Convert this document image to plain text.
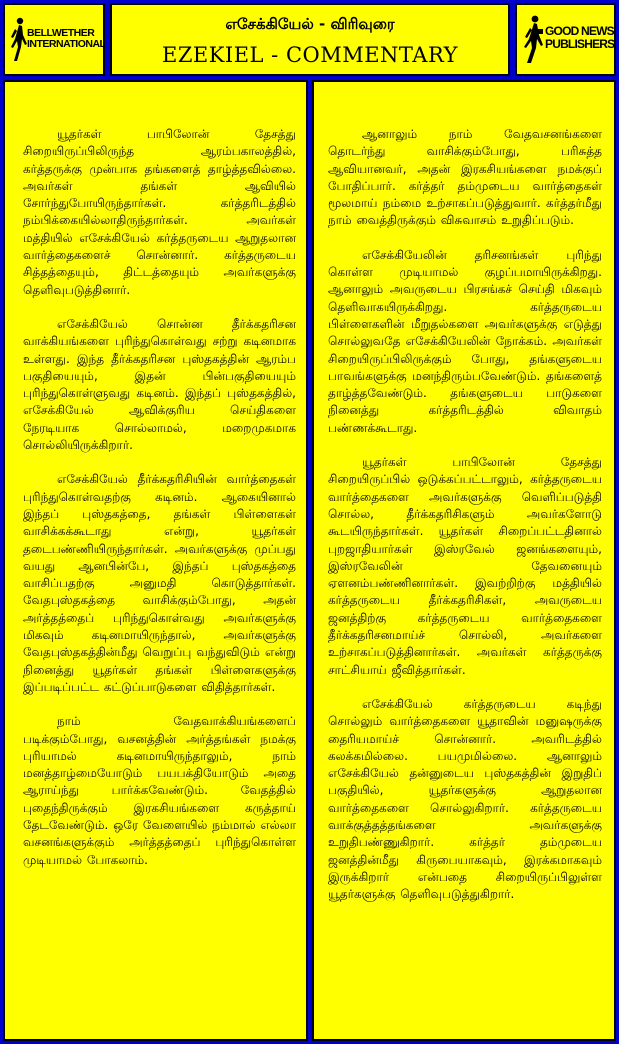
BELLWETHER
INTERNATIONAL
எசேக்கியேல் - விரிவுரை
EZEKIEL - COMMENTARY
GOOD NEWS
PUBLISHERS

யூதர்கள் பாபிலோன் தேசத்து சிறையிருப்பிலிருந்த ஆரம்பகாலத்தில், கர்த்தருக்கு முன்பாக தங்களைத் தாழ்த்தவில்லை. அவர்கள் தங்கள் ஆவியில் சோர்ந்துபோயிருந்தார்கள். கர்த்தரிடத்தில் நம்பிக்கையில்லாதிருந்தார்கள். அவர்கள் மத்தியில் எசேக்கியேல் கர்த்தருடைய ஆறுதலான வார்த்தைகளைச் சொன்னார். கர்த்தருடைய சித்தத்தையும், திட்டத்தையும் அவர்களுக்கு தெளிவுபடுத்தினார்.

எசேக்கியேல் சொன்ன தீர்க்கதரிசன வாக்கியங்களை புரிந்துகொள்வது சற்று கடினமாக உள்ளது. இந்த தீர்க்கதரிசன புஸ்தகத்தின் ஆரம்ப பகுதியையும், இதன் பின்பகுதியையும் புரிந்துகொள்ளுவது கடினம். இந்தப் புஸ்தகத்தில், எசேக்கியேல் ஆவிக்குரிய செய்திகளை நேரடியாக சொல்லாமல், மறைமுகமாக சொல்லியிருக்கிறார்.

எசேக்கியேல் தீர்க்கதரிசியின் வார்த்தைகள் புரிந்துகொள்வதற்கு கடினம். ஆகையினால் இந்தப் புஸ்தகத்தை, தங்கள் பிள்ளைகள் வாசிக்கக்கூடாது என்று, யூதர்கள் தடைபண்ணியிருந்தார்கள். அவர்களுக்கு முப்பது வயது ஆனபின்பே, இந்தப் புஸ்தகத்தை வாசிப்பதற்கு அனுமதி கொடுத்தார்கள். வேதபுஸ்தகத்தை வாசிக்கும்போது, அதன் அர்த்தத்தைப் புரிந்துகொள்வது அவர்களுக்கு மிகவும் கடினமாயிருந்தால், அவர்களுக்கு வேதபுஸ்தகத்தின்மீது வெறுப்பு வந்துவிடும் என்று நினைத்து யூதர்கள் தங்கள் பிள்ளைகளுக்கு இப்படிப்பட்ட கட்டுப்பாடுகளை விதித்தார்கள்.

நாம் வேதவாக்கியங்களைப் படிக்கும்போது, வசனத்தின் அர்த்தங்கள் நமக்கு புரியாமல் கடினமாயிருந்தாலும், நாம் மனத்தாழ்மையோடும் பயபக்தியோடும் அதை ஆராய்ந்து பார்க்கவேண்டும். வேதத்தில் புதைந்திருக்கும் இரகசியங்களை கருத்தாய் தேடவேண்டும். ஒரே வேளையில் நம்மால் எல்லா வசனங்களுக்கும் அர்த்தத்தைப் புரிந்துகொள்ள முடியாமல் போகலாம்.

ஆனாலும் நாம் வேதவசனங்களை தொடர்ந்து வாசிக்கும்போது, பரிசுத்த ஆவியானவர், அதன் இரகசியங்களை நமக்குப் போதிப்பார். கர்த்தர் தம்முடைய வார்த்தைகள் மூலமாய் நம்மை உற்சாகப்படுத்துவார். கர்த்தர்மீது நாம் வைத்திருக்கும் விசுவாசம் உறுதிப்படும்.

எசேக்கியேலின் தரிசனங்கள் புரிந்து கொள்ள முடியாமல் குழப்பமாயிருக்கிறது. ஆனாலும் அவருடைய பிரசங்கச் செய்தி மிகவும் தெளிவாகயிருக்கிறது. கர்த்தருடைய பிள்ளைகளின் மீறுதல்களை அவர்களுக்கு எடுத்து சொல்லுவதே எசேக்கியேலின் நோக்கம். அவர்கள் சிறையிருப்பிலிருக்கும் போது, தங்களுடைய பாவங்களுக்கு மனந்திரும்பவேண்டும். தங்களைத் தாழ்த்தவேண்டும். தங்களுடைய பாடுகளை நினைத்து கர்த்தரிடத்தில் விவாதம் பண்ணக்கூடாது.

யூதர்கள் பாபிலோன் தேசத்து சிறையிருப்பில் ஒடுக்கப்பட்டாலும், கர்த்தருடைய வார்த்தைகளை அவர்களுக்கு வெளிப்படுத்தி சொல்ல, தீர்க்கதரிசிகளும் அவர்களோடு கூடயிருந்தார்கள். யூதர்கள் சிறைப்பட்டதினால் புறஜாதியார்கள் இஸ்ரவேல் ஜனங்களையும், இஸ்ரவேலின் தேவனையும் ஏளனம்பண்ணினார்கள். இவற்றிற்கு மத்தியில் கர்த்தருடைய தீர்க்கதரிசிகள், அவருடைய ஜனத்திற்கு கர்த்தருடைய வார்த்தைகளை தீர்க்கதரிசனமாய்ச் சொல்லி, அவர்களை உற்சாகப்படுத்தினார்கள். அவர்கள் கர்த்தருக்கு சாட்சியாய் ஜீவித்தார்கள்.

எசேக்கியேல் கர்த்தருடைய கடிந்து சொல்லும் வார்த்தைகளை யூதாவின் மனுஷருக்கு தைரியமாய்ச் சொன்னார். அவரிடத்தில் கலக்கமில்லை. பயமுமில்லை. ஆனாலும் எசேக்கியேல் தன்னுடைய புஸ்தகத்தின் இறுதிப் பகுதியில், யூதர்களுக்கு ஆறுதலான வார்த்தைகளை சொல்லுகிறார். கர்த்தருடைய வாக்குத்தத்தங்களை அவர்களுக்கு உறுதிபண்ணுகிறார். கர்த்தர் தம்முடைய ஜனத்தின்மீது கிருபையாகவும், இரக்கமாகவும் இருக்கிறார் என்பதை சிறையிருப்பிலுள்ள யூதர்களுக்கு தெளிவுபடுத்துகிறார்.
